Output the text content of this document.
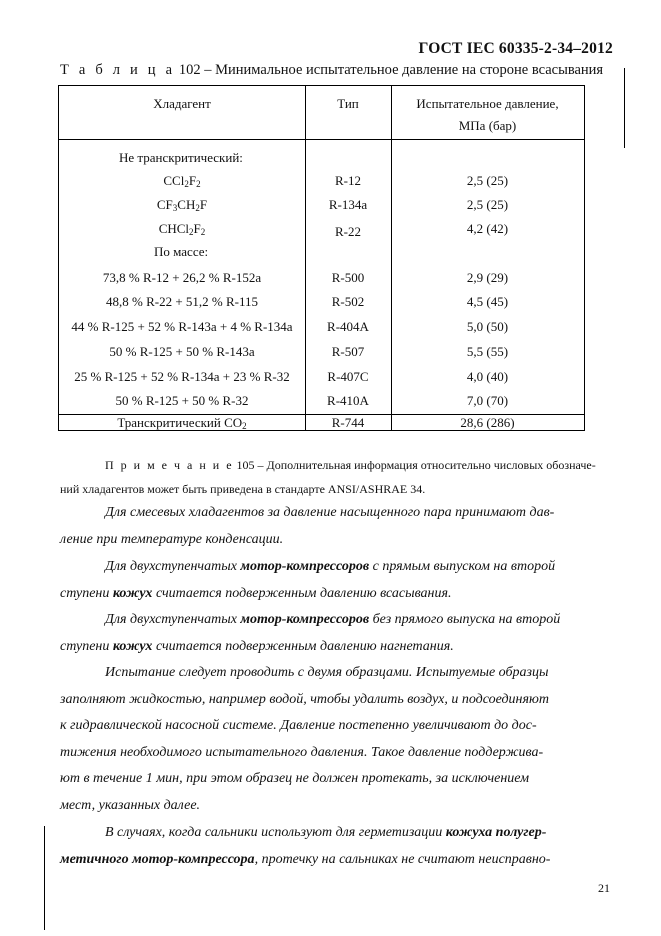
ГОСТ IEC 60335-2-34–2012
Т а б л и ц а 102 – Минимальное испытательное давление на стороне всасывания
Хладагент	Тип	Испытательное давление,
МПа (бар)
Не транскритический:
$CCl_2F_2$	R-12	2,5 (25)
$CF_3CH_2F$	R-134a	2,5 (25)
$CHCl_2F_2$	R-22	4,2 (42)
По массе:
73,8 % R-12 + 26,2 % R-152a	R-500	2,9 (29)
48,8 % R-22 + 51,2 % R-115	R-502	4,5 (45)
44 % R-125 + 52 % R-143a + 4 % R-134a	R-404A	5,0 (50)
50 % R-125 + 50 % R-143a	R-507	5,5 (55)
25 % R-125 + 52 % R-134a + 23 % R-32	R-407C	4,0 (40)
50 % R-125 + 50 % R-32	R-410A	7,0 (70)
Транскритический $CO_2$	R-744	28,6 (286)
П р и м е ч а н и е 105 – Дополнительная информация относительно числовых обозначе-
ний хладагентов может быть приведена в стандарте ANSI/ASHRAE 34.
Для смесевых хладагентов за давление насыщенного пара принимают дав-
ление при температуре конденсации.
Для двухступенчатых мотор-компрессоров с прямым выпуском на второй
ступени кожух считается подверженным давлению всасывания.
Для двухступенчатых мотор-компрессоров без прямого выпуска на второй
ступени кожух считается подверженным давлению нагнетания.
Испытание следует проводить с двумя образцами. Испытуемые образцы
заполняют жидкостью, например водой, чтобы удалить воздух, и подсоединяют
к гидравлической насосной системе. Давление постепенно увеличивают до дос-
тижения необходимого испытательного давления. Такое давление поддержива-
ют в течение 1 мин, при этом образец не должен протекать, за исключением
мест, указанных далее.
В случаях, когда сальники используют для герметизации кожуха полугер-
метичного мотор-компрессора, протечку на сальниках не считают неисправно-
21
